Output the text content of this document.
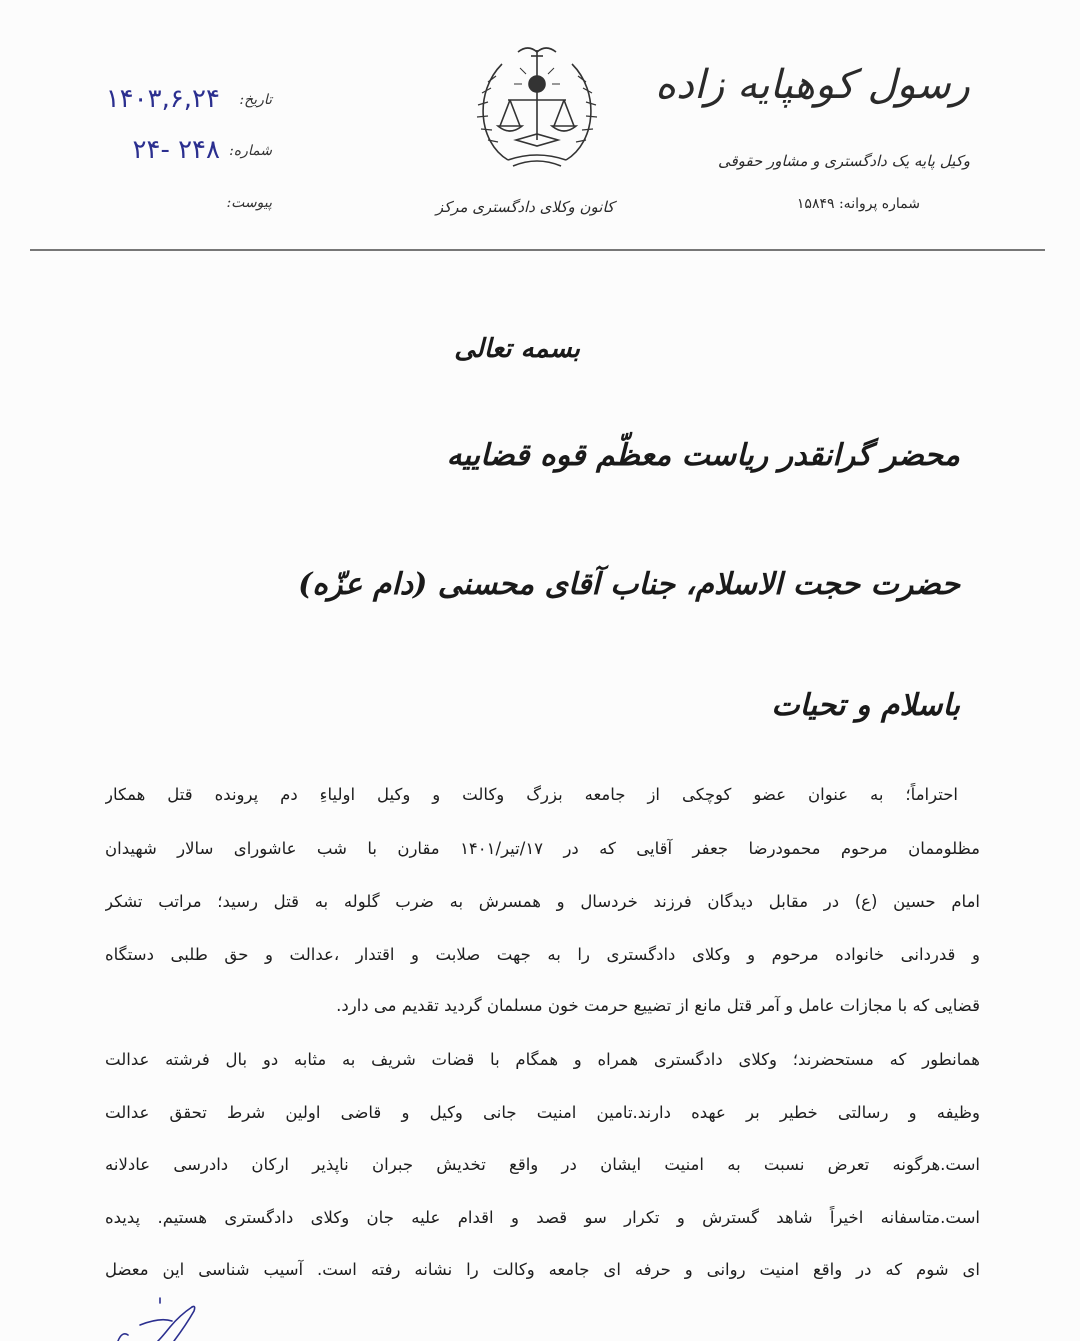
رسول کوهپایه زاده
وکیل پایه یک دادگستری و مشاور حقوقی
شماره پروانه: ۱۵۸۴۹
کانون وکلای دادگستری مرکز
تاریخ:
۱۴۰۳,۶,۲۴
شماره:
۲۴- ۲۴۸
پیوست:
بسمه تعالی
محضر گرانقدر ریاست معظّم قوه قضاییه
حضرت حجت الاسلام، جناب آقای محسنی (دام عزّه)
باسلام و تحیات
احتراماً؛ به عنوان عضو کوچکی از جامعه بزرگ وکالت و وکیل اولیاءِ دم پرونده قتل همکار
مظلوممان مرحوم محمودرضا جعفر آقایی که در ۱۷/تیر/۱۴۰۱ مقارن با شب عاشورای سالار شهیدان
امام حسین (ع) در مقابل دیدگان فرزند خردسال و همسرش به ضرب گلوله به قتل رسید؛ مراتب تشکر
و قدردانی خانواده مرحوم و وکلای دادگستری را به جهت صلابت و اقتدار ،عدالت و حق طلبی دستگاه
قضایی که با مجازات عامل و آمر قتل مانع از تضییع حرمت خون مسلمان گردید تقدیم می دارد.
همانطور که مستحضرند؛ وکلای دادگستری همراه و همگام با قضات شریف به مثابه دو بال فرشته عدالت
وظیفه و رسالتی خطیر بر عهده دارند.تامین امنیت جانی وکیل و قاضی اولین شرط تحقق عدالت
است.هرگونه تعرض نسبت به امنیت ایشان در واقع تخدیش جبران ناپذیر ارکان دادرسی عادلانه
است.متاسفانه اخیراً شاهد گسترش و تکرار سو قصد و اقدام علیه جان وکلای دادگستری هستیم. پدیده
ای شوم که در واقع امنیت روانی و حرفه ای جامعه وکالت را نشانه رفته است. آسیب شناسی این معضل
